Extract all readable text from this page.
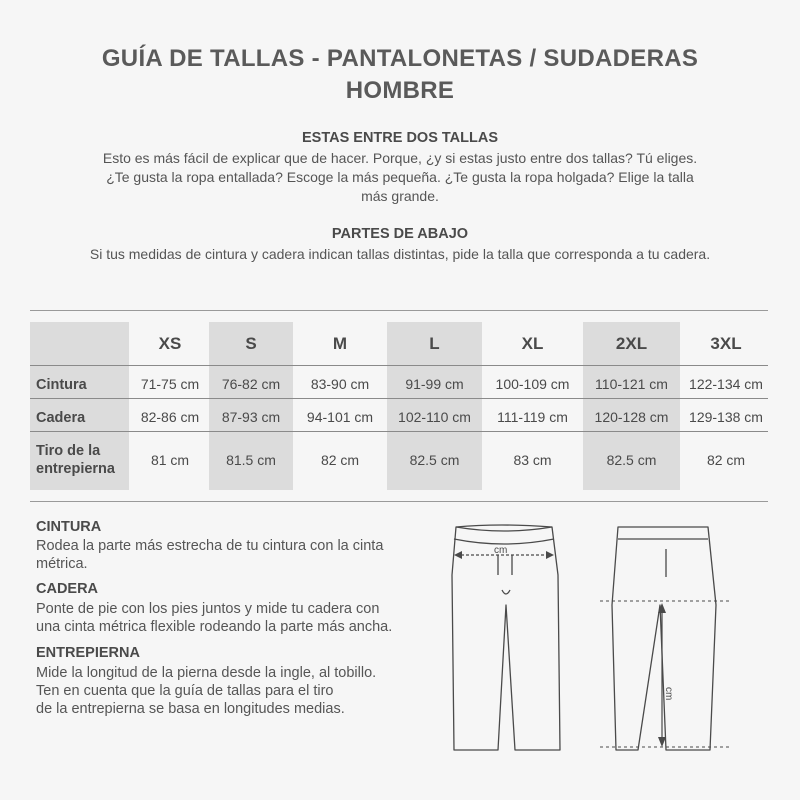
GUÍA DE TALLAS - PANTALONETAS / SUDADERAS
HOMBRE
ESTAS ENTRE DOS TALLAS
Esto es más fácil de explicar que de hacer. Porque, ¿y si estas justo entre dos tallas? Tú eliges.
¿Te gusta la ropa entallada? Escoge la más pequeña. ¿Te gusta la ropa holgada? Elige la talla
más grande.
PARTES DE ABAJO
Si tus medidas de cintura y cadera indican tallas distintas, pide la talla que corresponda a tu cadera.
XS	S	M	L	XL	2XL	3XL
Cintura	71-75 cm	76-82 cm	83-90 cm	91-99 cm	100-109 cm	110-121 cm	122-134 cm
Cadera	82-86 cm	87-93 cm	94-101 cm	102-110 cm	111-119 cm	120-128 cm	129-138 cm
Tiro de la
entrepierna
81 cm	81.5 cm	82 cm	82.5 cm	83 cm	82.5 cm	82 cm
CINTURA
Rodea la parte más estrecha de tu cintura con la cinta
métrica.
CADERA
Ponte de pie con los pies juntos y mide tu cadera con
una cinta métrica flexible rodeando la parte más ancha.
ENTREPIERNA
Mide la longitud de la pierna desde la ingle, al tobillo.
Ten en cuenta que la guía de tallas para el tiro
de la entrepierna se basa en longitudes medias.
cm
cm
